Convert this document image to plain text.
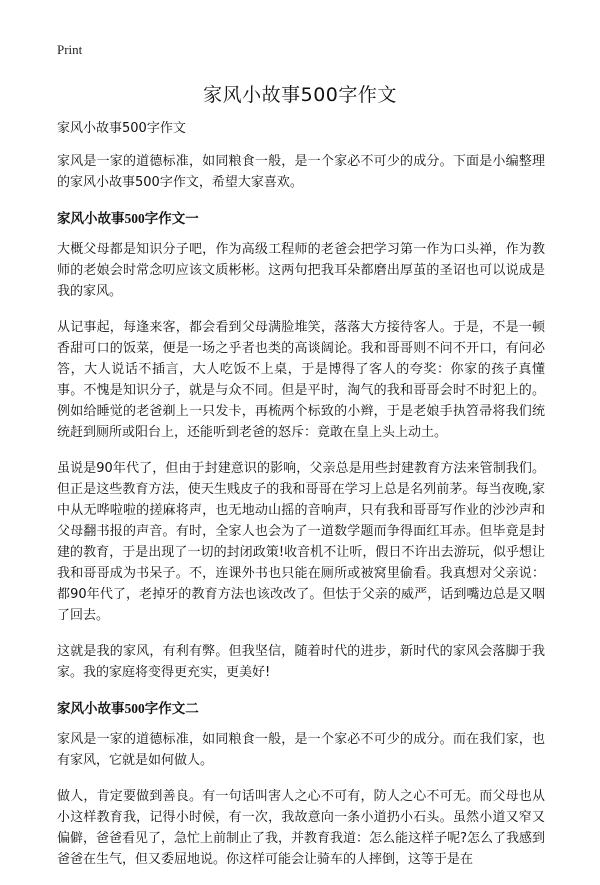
Print
家风小故事500字作文

家风小故事500字作文

家风是一家的道德标准，如同粮食一般，是一个家必不可少的成分。下面是小编整理的家风小故事500字作文，希望大家喜欢。

家风小故事500字作文一

大概父母都是知识分子吧，作为高级工程师的老爸会把学习第一作为口头禅，作为教师的老娘会时常念叨应该文质彬彬。这两句把我耳朵都磨出厚茧的圣诏也可以说成是我的家风。

从记事起，每逢来客，都会看到父母满脸堆笑，落落大方接待客人。于是，不是一顿香甜可口的饭菜，便是一场之乎者也类的高谈阔论。我和哥哥则不问不开口，有问必答，大人说话不插言，大人吃饭不上桌，于是博得了客人的夸奖：你家的孩子真懂事。不愧是知识分子，就是与众不同。但是平时，淘气的我和哥哥会时不时犯上的。例如给睡觉的老爸剃上一只发卡，再梳两个标致的小辫，于是老娘手执笤帚将我们统统赶到厕所或阳台上，还能听到老爸的怒斥：竟敢在皇上头上动土。

虽说是90年代了，但由于封建意识的影响，父亲总是用些封建教育方法来管制我们。但正是这些教育方法，使天生贱皮子的我和哥哥在学习上总是名列前茅。每当夜晚,家中从无哗啦啦的搓麻将声，也无地动山摇的音响声，只有我和哥哥写作业的沙沙声和父母翻书报的声音。有时，全家人也会为了一道数学题而争得面红耳赤。但毕竟是封建的教育，于是出现了一切的封闭政策!收音机不让听，假日不许出去游玩，似乎想让我和哥哥成为书呆子。不，连课外书也只能在厕所或被窝里偷看。我真想对父亲说：都90年代了，老掉牙的教育方法也该改改了。但怯于父亲的威严，话到嘴边总是又咽了回去。

这就是我的家风，有利有弊。但我坚信，随着时代的进步，新时代的家风会落脚于我家。我的家庭将变得更充实，更美好!

家风小故事500字作文二

家风是一家的道德标准，如同粮食一般，是一个家必不可少的成分。而在我们家，也有家风，它就是如何做人。

做人，肯定要做到善良。有一句话叫害人之心不可有，防人之心不可无。而父母也从小这样教育我，记得小时候，有一次，我故意向一条小道扔小石头。虽然小道又窄又偏僻，爸爸看见了，急忙上前制止了我，并教育我道：怎么能这样子呢?怎么了我感到爸爸在生气，但又委屈地说。你这样可能会让骑车的人摔倒，这等于是在
